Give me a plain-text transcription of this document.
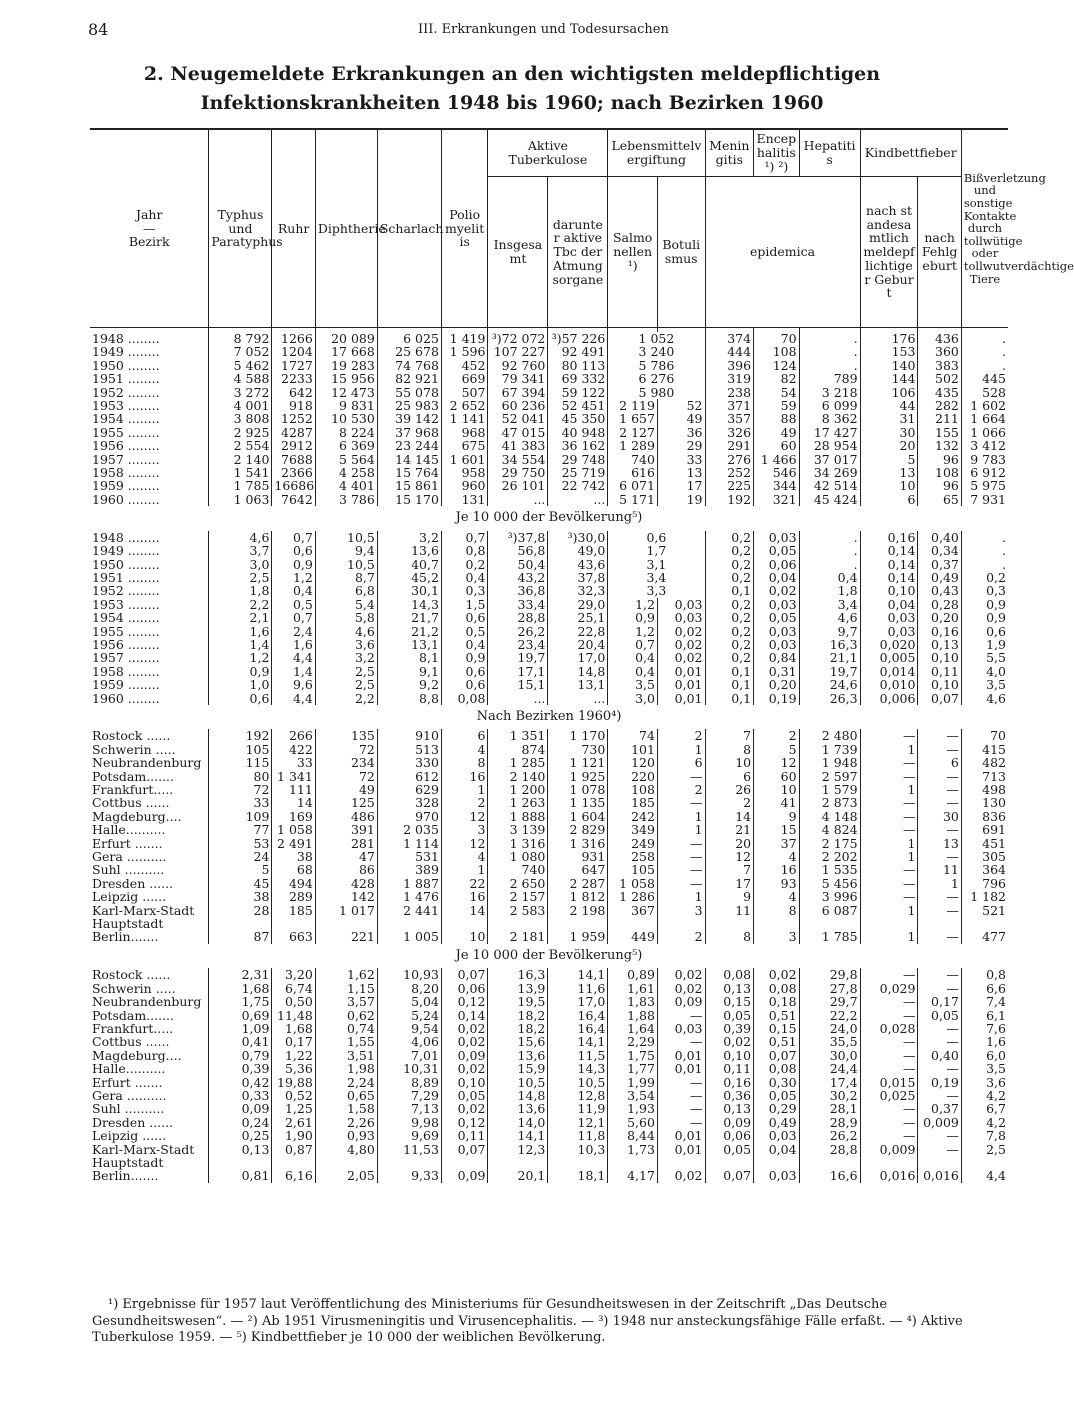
84	III. Erkrankungen und Todesursachen
2. Neugemeldete Erkrankungen an den wichtigsten meldepflichtigen
Infektionskrankheiten 1948 bis 1960; nach Bezirken 1960
Jahr
—
Bezirk	Typhus und Paratyphus	Ruhr	Diphtherie	Scharlach	Poliomyelitis	Aktive Tuberkulose		Lebensmittelvergiftung		Meningitis	Encephalitis¹) ²)	Hepatitis	Kindbettfieber		Bißverletzung und sonstige Kontakte durch tollwütige oder tollwutverdächtige Tiere
						Insgesamt	darunter aktive Tbc der Atmungsorgane	Salmonellen¹)	Botulismus				nach standesamtlich meldepflichtiger Geburt	nach Fehlgeburt	
										epidemica					

1948 ........	8 792	1266	20 089	6 025	1 419	³)72 072	³)57 226	1 052		374	70	.	176	436	.
1949 ........	7 052	1204	17 668	25 678	1 596	107 227	92 491	3 240		444	108	.	153	360	.
1950 ........	5 462	1727	19 283	74 768	452	92 760	80 113	5 786		396	124	.	140	383	.
1951 ........	4 588	2233	15 956	82 921	669	79 341	69 332	6 276		319	82	789	144	502	445
1952 ........	3 272	642	12 473	55 078	507	67 394	59 122	5 980		238	54	3 218	106	435	528
1953 ........	4 001	918	9 831	25 983	2 652	60 236	52 451	2 119	52	371	59	6 099	44	282	1 602
1954 ........	3 808	1252	10 530	39 142	1 141	52 041	45 350	1 657	49	357	88	8 362	31	211	1 664
1955 ........	2 925	4287	8 224	37 968	968	47 015	40 948	2 127	36	326	49	17 427	30	155	1 066
1956 ........	2 554	2912	6 369	23 244	675	41 383	36 162	1 289	29	291	60	28 954	20	132	3 412
1957 ........	2 140	7688	5 564	14 145	1 601	34 554	29 748	740	33	276	1 466	37 017	5	96	9 783
1958 ........	1 541	2366	4 258	15 764	958	29 750	25 719	616	13	252	546	34 269	13	108	6 912
1959 ........	1 785	16686	4 401	15 861	960	26 101	22 742	6 071	17	225	344	42 514	10	96	5 975
1960 ........	1 063	7642	3 786	15 170	131	...	...	5 171	19	192	321	45 424	6	65	7 931
Je 10 000 der Bevölkerung⁵)															
1948 ........	4,6	0,7	10,5	3,2	0,7	³)37,8	³)30,0	0,6		0,2	0,03	.	0,16	0,40	.
1949 ........	3,7	0,6	9,4	13,6	0,8	56,8	49,0	1,7		0,2	0,05	.	0,14	0,34	.
1950 ........	3,0	0,9	10,5	40,7	0,2	50,4	43,6	3,1		0,2	0,06	.	0,14	0,37	.
1951 ........	2,5	1,2	8,7	45,2	0,4	43,2	37,8	3,4		0,2	0,04	0,4	0,14	0,49	0,2
1952 ........	1,8	0,4	6,8	30,1	0,3	36,8	32,3	3,3		0,1	0,02	1,8	0,10	0,43	0,3
1953 ........	2,2	0,5	5,4	14,3	1,5	33,4	29,0	1,2	0,03	0,2	0,03	3,4	0,04	0,28	0,9
1954 ........	2,1	0,7	5,8	21,7	0,6	28,8	25,1	0,9	0,03	0,2	0,05	4,6	0,03	0,20	0,9
1955 ........	1,6	2,4	4,6	21,2	0,5	26,2	22,8	1,2	0,02	0,2	0,03	9,7	0,03	0,16	0,6
1956 ........	1,4	1,6	3,6	13,1	0,4	23,4	20,4	0,7	0,02	0,2	0,03	16,3	0,020	0,13	1,9
1957 ........	1,2	4,4	3,2	8,1	0,9	19,7	17,0	0,4	0,02	0,2	0,84	21,1	0,005	0,10	5,5
1958 ........	0,9	1,4	2,5	9,1	0,6	17,1	14,8	0,4	0,01	0,1	0,31	19,7	0,014	0,11	4,0
1959 ........	1,0	9,6	2,5	9,2	0,6	15,1	13,1	3,5	0,01	0,1	0,20	24,6	0,010	0,10	3,5
1960 ........	0,6	4,4	2,2	8,8	0,08	...	...	3,0	0,01	0,1	0,19	26,3	0,006	0,07	4,6
Nach Bezirken 1960⁴)															
Rostock ......	192	266	135	910	6	1 351	1 170	74	2	7	2	2 480	—	—	70
Schwerin .....	105	422	72	513	4	874	730	101	1	8	5	1 739	1	—	415
Neubrandenburg	115	33	234	330	8	1 285	1 121	120	6	10	12	1 948	—	6	482
Potsdam.......	80	1 341	72	612	16	2 140	1 925	220	—	6	60	2 597	—	—	713
Frankfurt.....	72	111	49	629	1	1 200	1 078	108	2	26	10	1 579	1	—	498
Cottbus ......	33	14	125	328	2	1 263	1 135	185	—	2	41	2 873	—	—	130
Magdeburg....	109	169	486	970	12	1 888	1 604	242	1	14	9	4 148	—	30	836
Halle..........	77	1 058	391	2 035	3	3 139	2 829	349	1	21	15	4 824	—	—	691
Erfurt .......	53	2 491	281	1 114	12	1 316	1 316	249	—	20	37	2 175	1	13	451
Gera ..........	24	38	47	531	4	1 080	931	258	—	12	4	2 202	1	—	305
Suhl ..........	5	68	86	389	1	740	647	105	—	7	16	1 535	—	11	364
Dresden ......	45	494	428	1 887	22	2 650	2 287	1 058	—	17	93	5 456	—	1	796
Leipzig ......	38	289	142	1 476	16	2 157	1 812	1 286	1	9	4	3 996	—	—	1 182
Karl-Marx-Stadt	28	185	1 017	2 441	14	2 583	2 198	367	3	11	8	6 087	1	—	521
Hauptstadt															
Berlin.......	87	663	221	1 005	10	2 181	1 959	449	2	8	3	1 785	1	—	477
Je 10 000 der Bevölkerung⁵)															
Rostock ......	2,31	3,20	1,62	10,93	0,07	16,3	14,1	0,89	0,02	0,08	0,02	29,8	—	—	0,8
Schwerin .....	1,68	6,74	1,15	8,20	0,06	13,9	11,6	1,61	0,02	0,13	0,08	27,8	0,029	—	6,6
Neubrandenburg	1,75	0,50	3,57	5,04	0,12	19,5	17,0	1,83	0,09	0,15	0,18	29,7	—	0,17	7,4
Potsdam.......	0,69	11,48	0,62	5,24	0,14	18,2	16,4	1,88	—	0,05	0,51	22,2	—	0,05	6,1
Frankfurt.....	1,09	1,68	0,74	9,54	0,02	18,2	16,4	1,64	0,03	0,39	0,15	24,0	0,028	—	7,6
Cottbus ......	0,41	0,17	1,55	4,06	0,02	15,6	14,1	2,29	—	0,02	0,51	35,5	—	—	1,6
Magdeburg....	0,79	1,22	3,51	7,01	0,09	13,6	11,5	1,75	0,01	0,10	0,07	30,0	—	0,40	6,0
Halle..........	0,39	5,36	1,98	10,31	0,02	15,9	14,3	1,77	0,01	0,11	0,08	24,4	—	—	3,5
Erfurt .......	0,42	19,88	2,24	8,89	0,10	10,5	10,5	1,99	—	0,16	0,30	17,4	0,015	0,19	3,6
Gera ..........	0,33	0,52	0,65	7,29	0,05	14,8	12,8	3,54	—	0,36	0,05	30,2	0,025	—	4,2
Suhl ..........	0,09	1,25	1,58	7,13	0,02	13,6	11,9	1,93	—	0,13	0,29	28,1	—	0,37	6,7
Dresden ......	0,24	2,61	2,26	9,98	0,12	14,0	12,1	5,60	—	0,09	0,49	28,9	—	0,009	4,2
Leipzig ......	0,25	1,90	0,93	9,69	0,11	14,1	11,8	8,44	0,01	0,06	0,03	26,2	—	—	7,8
Karl-Marx-Stadt	0,13	0,87	4,80	11,53	0,07	12,3	10,3	1,73	0,01	0,05	0,04	28,8	0,009	—	2,5
Hauptstadt															
Berlin.......	0,81	6,16	2,05	9,33	0,09	20,1	18,1	4,17	0,02	0,07	0,03	16,6	0,016	0,016	4,4

¹) Ergebnisse für 1957 laut Veröffentlichung des Ministeriums für Gesundheitswesen in der Zeitschrift „Das Deutsche Gesundheitswesen“. — ²) Ab 1951 Virusmeningitis und Virusencephalitis. — ³) 1948 nur ansteckungsfähige Fälle erfaßt. — ⁴) Aktive Tuberkulose 1959. — ⁵) Kindbettfieber je 10 000 der weiblichen Bevölkerung.
